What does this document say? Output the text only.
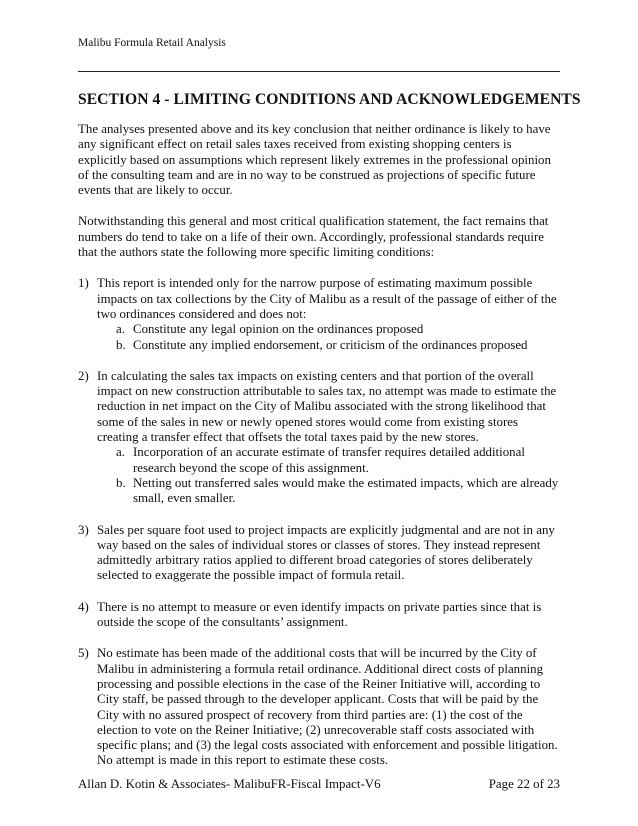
Malibu Formula Retail Analysis
SECTION 4 - LIMITING CONDITIONS AND ACKNOWLEDGEMENTS

The analyses presented above and its key conclusion that neither ordinance is likely to have any significant effect on retail sales taxes received from existing shopping centers is explicitly based on assumptions which represent likely extremes in the professional opinion of the consulting team and are in no way to be construed as projections of specific future events that are likely to occur.

Notwithstanding this general and most critical qualification statement, the fact remains that numbers do tend to take on a life of their own. Accordingly, professional standards require that the authors state the following more specific limiting conditions:

1) This report is intended only for the narrow purpose of estimating maximum possible impacts on tax collections by the City of Malibu as a result of the passage of either of the two ordinances considered and does not:
a. Constitute any legal opinion on the ordinances proposed
b. Constitute any implied endorsement, or criticism of the ordinances proposed
2) In calculating the sales tax impacts on existing centers and that portion of the overall impact on new construction attributable to sales tax, no attempt was made to estimate the reduction in net impact on the City of Malibu associated with the strong likelihood that some of the sales in new or newly opened stores would come from existing stores creating a transfer effect that offsets the total taxes paid by the new stores.
a. Incorporation of an accurate estimate of transfer requires detailed additional research beyond the scope of this assignment.
b. Netting out transferred sales would make the estimated impacts, which are already small, even smaller.
3) Sales per square foot used to project impacts are explicitly judgmental and are not in any way based on the sales of individual stores or classes of stores. They instead represent admittedly arbitrary ratios applied to different broad categories of stores deliberately selected to exaggerate the possible impact of formula retail.
4) There is no attempt to measure or even identify impacts on private parties since that is outside the scope of the consultants’ assignment.
5) No estimate has been made of the additional costs that will be incurred by the City of Malibu in administering a formula retail ordinance. Additional direct costs of planning processing and possible elections in the case of the Reiner Initiative will, according to City staff, be passed through to the developer applicant. Costs that will be paid by the City with no assured prospect of recovery from third parties are: (1) the cost of the election to vote on the Reiner Initiative; (2) unrecoverable staff costs associated with specific plans; and (3) the legal costs associated with enforcement and possible litigation. No attempt is made in this report to estimate these costs.
Allan D. Kotin & Associates- MalibuFR-Fiscal Impact-V6	Page 22 of 23
